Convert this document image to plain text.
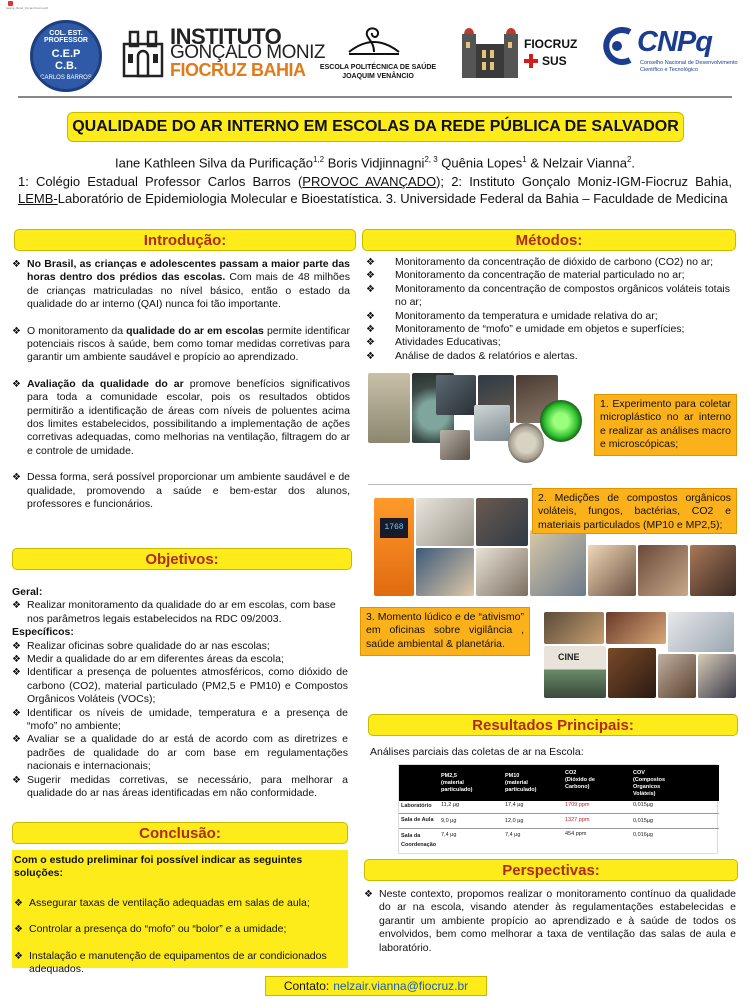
Iarana_Rotel_Inimax.Fiocru.pdf
COL. EST. PROFESSOR
C.E.P
C.B.
CARLOS BARROS
INSTITUTO
GONÇALO MONIZ
FIOCRUZ BAHIA	ESCOLA POLITÉCNICA DE SAÚDE
JOAQUIM VENÂNCIO
FIOCRUZ
SUS
CNPq
Conselho Nacional de Desenvolvimento
Científico e Tecnológico
QUALIDADE DO AR INTERNO EM ESCOLAS DA REDE PÚBLICA DE SALVADOR
Iane Kathleen Silva da Purificação$^{1,2}$ Boris Vidjinnagni$^{2, 3}$ Quênia Lopes$^1$ & Nelzair Vianna$^2$.
1: Colégio Estadual Professor Carlos Barros (PROVOC AVANÇADO); 2: Instituto Gonçalo Moniz-IGM-Fiocruz Bahia, LEMB-Laboratório de Epidemiologia Molecular e Bioestatística. 3. Universidade Federal da Bahia – Faculdade de Medicina
Introdução:
❖ No Brasil, as crianças e adolescentes passam a maior parte das horas dentro dos prédios das escolas. Com mais de 48 milhões de crianças matriculadas no nível básico, então o estado da qualidade do ar interno (QAI) nunca foi tão importante.

❖ O monitoramento da qualidade do ar em escolas permite identificar potenciais riscos à saúde, bem como tomar medidas corretivas para garantir um ambiente saudável e propício ao aprendizado.

❖ Avaliação da qualidade do ar promove benefícios significativos para toda a comunidade escolar, pois os resultados obtidos permitirão a identificação de áreas com níveis de poluentes acima dos limites estabelecidos, possibilitando a implementação de ações corretivas adequadas, como melhorias na ventilação, filtragem do ar e controle de umidade.

❖ Dessa forma, será possível proporcionar um ambiente saudável e de qualidade, promovendo a saúde e bem-estar dos alunos, professores e funcionários.

Objetivos:

Geral:

❖ Realizar monitoramento da qualidade do ar em escolas, com base nos parâmetros legais estabelecidos na RDC 09/2003.

Específicos:

❖ Realizar oficinas sobre qualidade do ar nas escolas;

❖ Medir a qualidade do ar em diferentes áreas da escola;

❖ Identificar a presença de poluentes atmosféricos, como dióxido de carbono (CO2), material particulado (PM2,5 e PM10) e Compostos Orgânicos Voláteis (VOCs);

❖ Identificar os níveis de umidade, temperatura e a presença de “mofo” no ambiente;

❖ Avaliar se a qualidade do ar está de acordo com as diretrizes e padrões de qualidade do ar com base em regulamentações nacionais e internacionais;

❖ Sugerir medidas corretivas, se necessário, para melhorar a qualidade do ar nas áreas identificadas em não conformidade.

Conclusão:

Com o estudo preliminar foi possível indicar as seguintes soluções:

❖ Assegurar taxas de ventilação adequadas em salas de aula;

❖ Controlar a presença do “mofo” ou “bolor” e a umidade;

❖ Instalação e manutenção de equipamentos de ar condicionados adequados.

Métodos:
❖	Monitoramento da concentração de dióxido de carbono (CO2) no ar;

❖	Monitoramento da concentração de material particulado no ar;

❖	Monitoramento da concentração de compostos orgânicos voláteis totais no ar;

❖	Monitoramento da temperatura e umidade relativa do ar;

❖	Monitoramento de “mofo” e umidade em objetos e superfícies;

❖	Atividades Educativas;

❖	Análise de dados & relatórios e alertas.

1. Experimento para coletar microplástico no ar interno e realizar as análises macro e microscópicas;
1768
2. Medições de compostos orgânicos voláteis, fungos, bactérias, CO2 e materiais particulados (MP10 e MP2,5);
3. Momento lúdico e de “ativismo” em oficinas sobre vigilância , saúde ambiental & planetária.
CINE
Resultados Principais:
Análises parciais das coletas de ar na Escola:
PM2,5
(material
particulado)
PM10
(material
particulado)
CO2
(Dióxido de
Carbono)
COV
(Compostos
Organicos
Voláteis)
Laboratório 11,2 µg	17,4 µg	1709 ppm	0,015µg
Sala de Aula 9,0 µg	12,0 µg	1327 ppm	0,015µg
Sala da
Coordenação
7,4 µg	7,4 µg	454 ppm	0,016µg
Perspectivas:
❖ Neste contexto, propomos realizar o monitoramento contínuo da qualidade do ar na escola, visando atender às regulamentações estabelecidas e garantir um ambiente propício ao aprendizado e à saúde de todos os envolvidos, bem como melhorar a taxa de ventilação das salas de aula e laboratório.

Contato: nelzair.vianna@fiocruz.br
